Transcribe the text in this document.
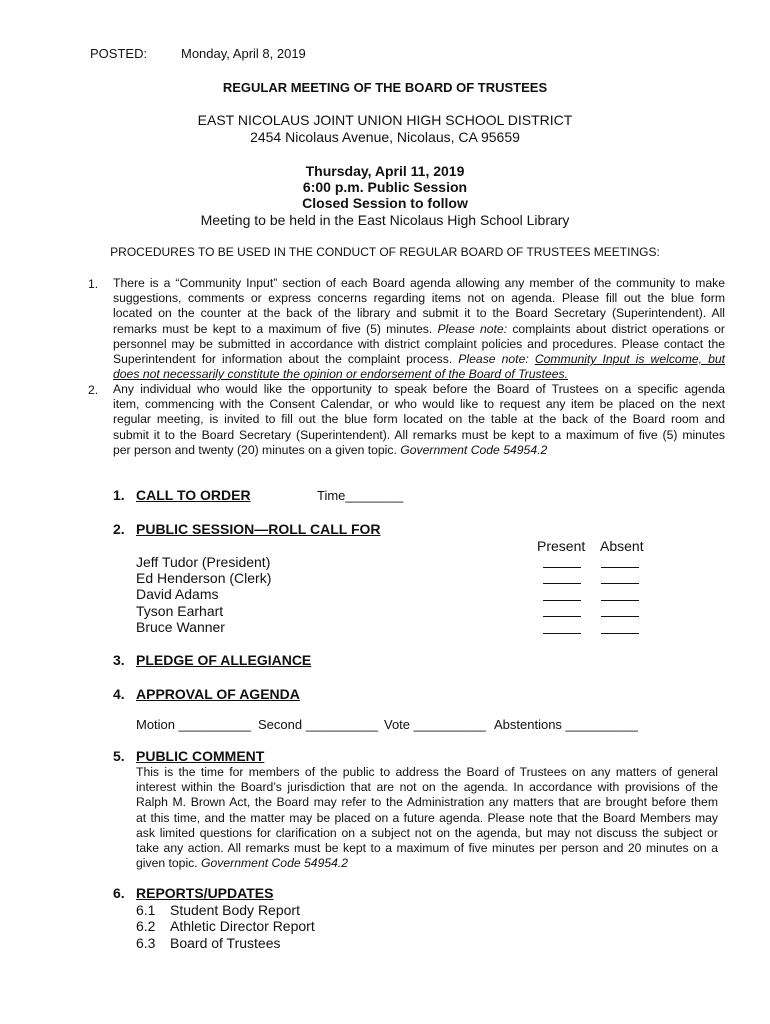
POSTED:	Monday, April 8, 2019
REGULAR MEETING OF THE BOARD OF TRUSTEES
EAST NICOLAUS JOINT UNION HIGH SCHOOL DISTRICT
2454 Nicolaus Avenue, Nicolaus, CA 95659
Thursday, April 11, 2019
6:00 p.m. Public Session
Closed Session to follow
Meeting to be held in the East Nicolaus High School Library
PROCEDURES TO BE USED IN THE CONDUCT OF REGULAR BOARD OF TRUSTEES MEETINGS:
1. There is a “Community Input” section of each Board agenda allowing any member of the community to make
suggestions, comments or express concerns regarding items not on agenda. Please fill out the blue form
located on the counter at the back of the library and submit it to the Board Secretary (Superintendent). All
remarks must be kept to a maximum of five (5) minutes. Please note: complaints about district operations or
personnel may be submitted in accordance with district complaint policies and procedures. Please contact the
Superintendent for information about the complaint process. Please note: Community Input is welcome, but
does not necessarily constitute the opinion or endorsement of the Board of Trustees.
2. Any individual who would like the opportunity to speak before the Board of Trustees on a specific agenda
item, commencing with the Consent Calendar, or who would like to request any item be placed on the next
regular meeting, is invited to fill out the blue form located on the table at the back of the Board room and
submit it to the Board Secretary (Superintendent). All remarks must be kept to a maximum of five (5) minutes
per person and twenty (20) minutes on a given topic. Government Code 54954.2
1. CALL TO ORDER	Time________
2. PUBLIC SESSION—ROLL CALL FOR
Present Absent
Jeff Tudor (President)
Ed Henderson (Clerk)
David Adams
Tyson Earhart
Bruce Wanner
3. PLEDGE OF ALLEGIANCE
4. APPROVAL OF AGENDA
Motion __________ Second __________ Vote __________ Abstentions __________
5. PUBLIC COMMENT
This is the time for members of the public to address the Board of Trustees on any matters of general
interest within the Board’s jurisdiction that are not on the agenda. In accordance with provisions of the
Ralph M. Brown Act, the Board may refer to the Administration any matters that are brought before them
at this time, and the matter may be placed on a future agenda. Please note that the Board Members may
ask limited questions for clarification on a subject not on the agenda, but may not discuss the subject or
take any action. All remarks must be kept to a maximum of five minutes per person and 20 minutes on a
given topic. Government Code 54954.2
6. REPORTS/UPDATES
6.1 Student Body Report
6.2 Athletic Director Report
6.3 Board of Trustees
